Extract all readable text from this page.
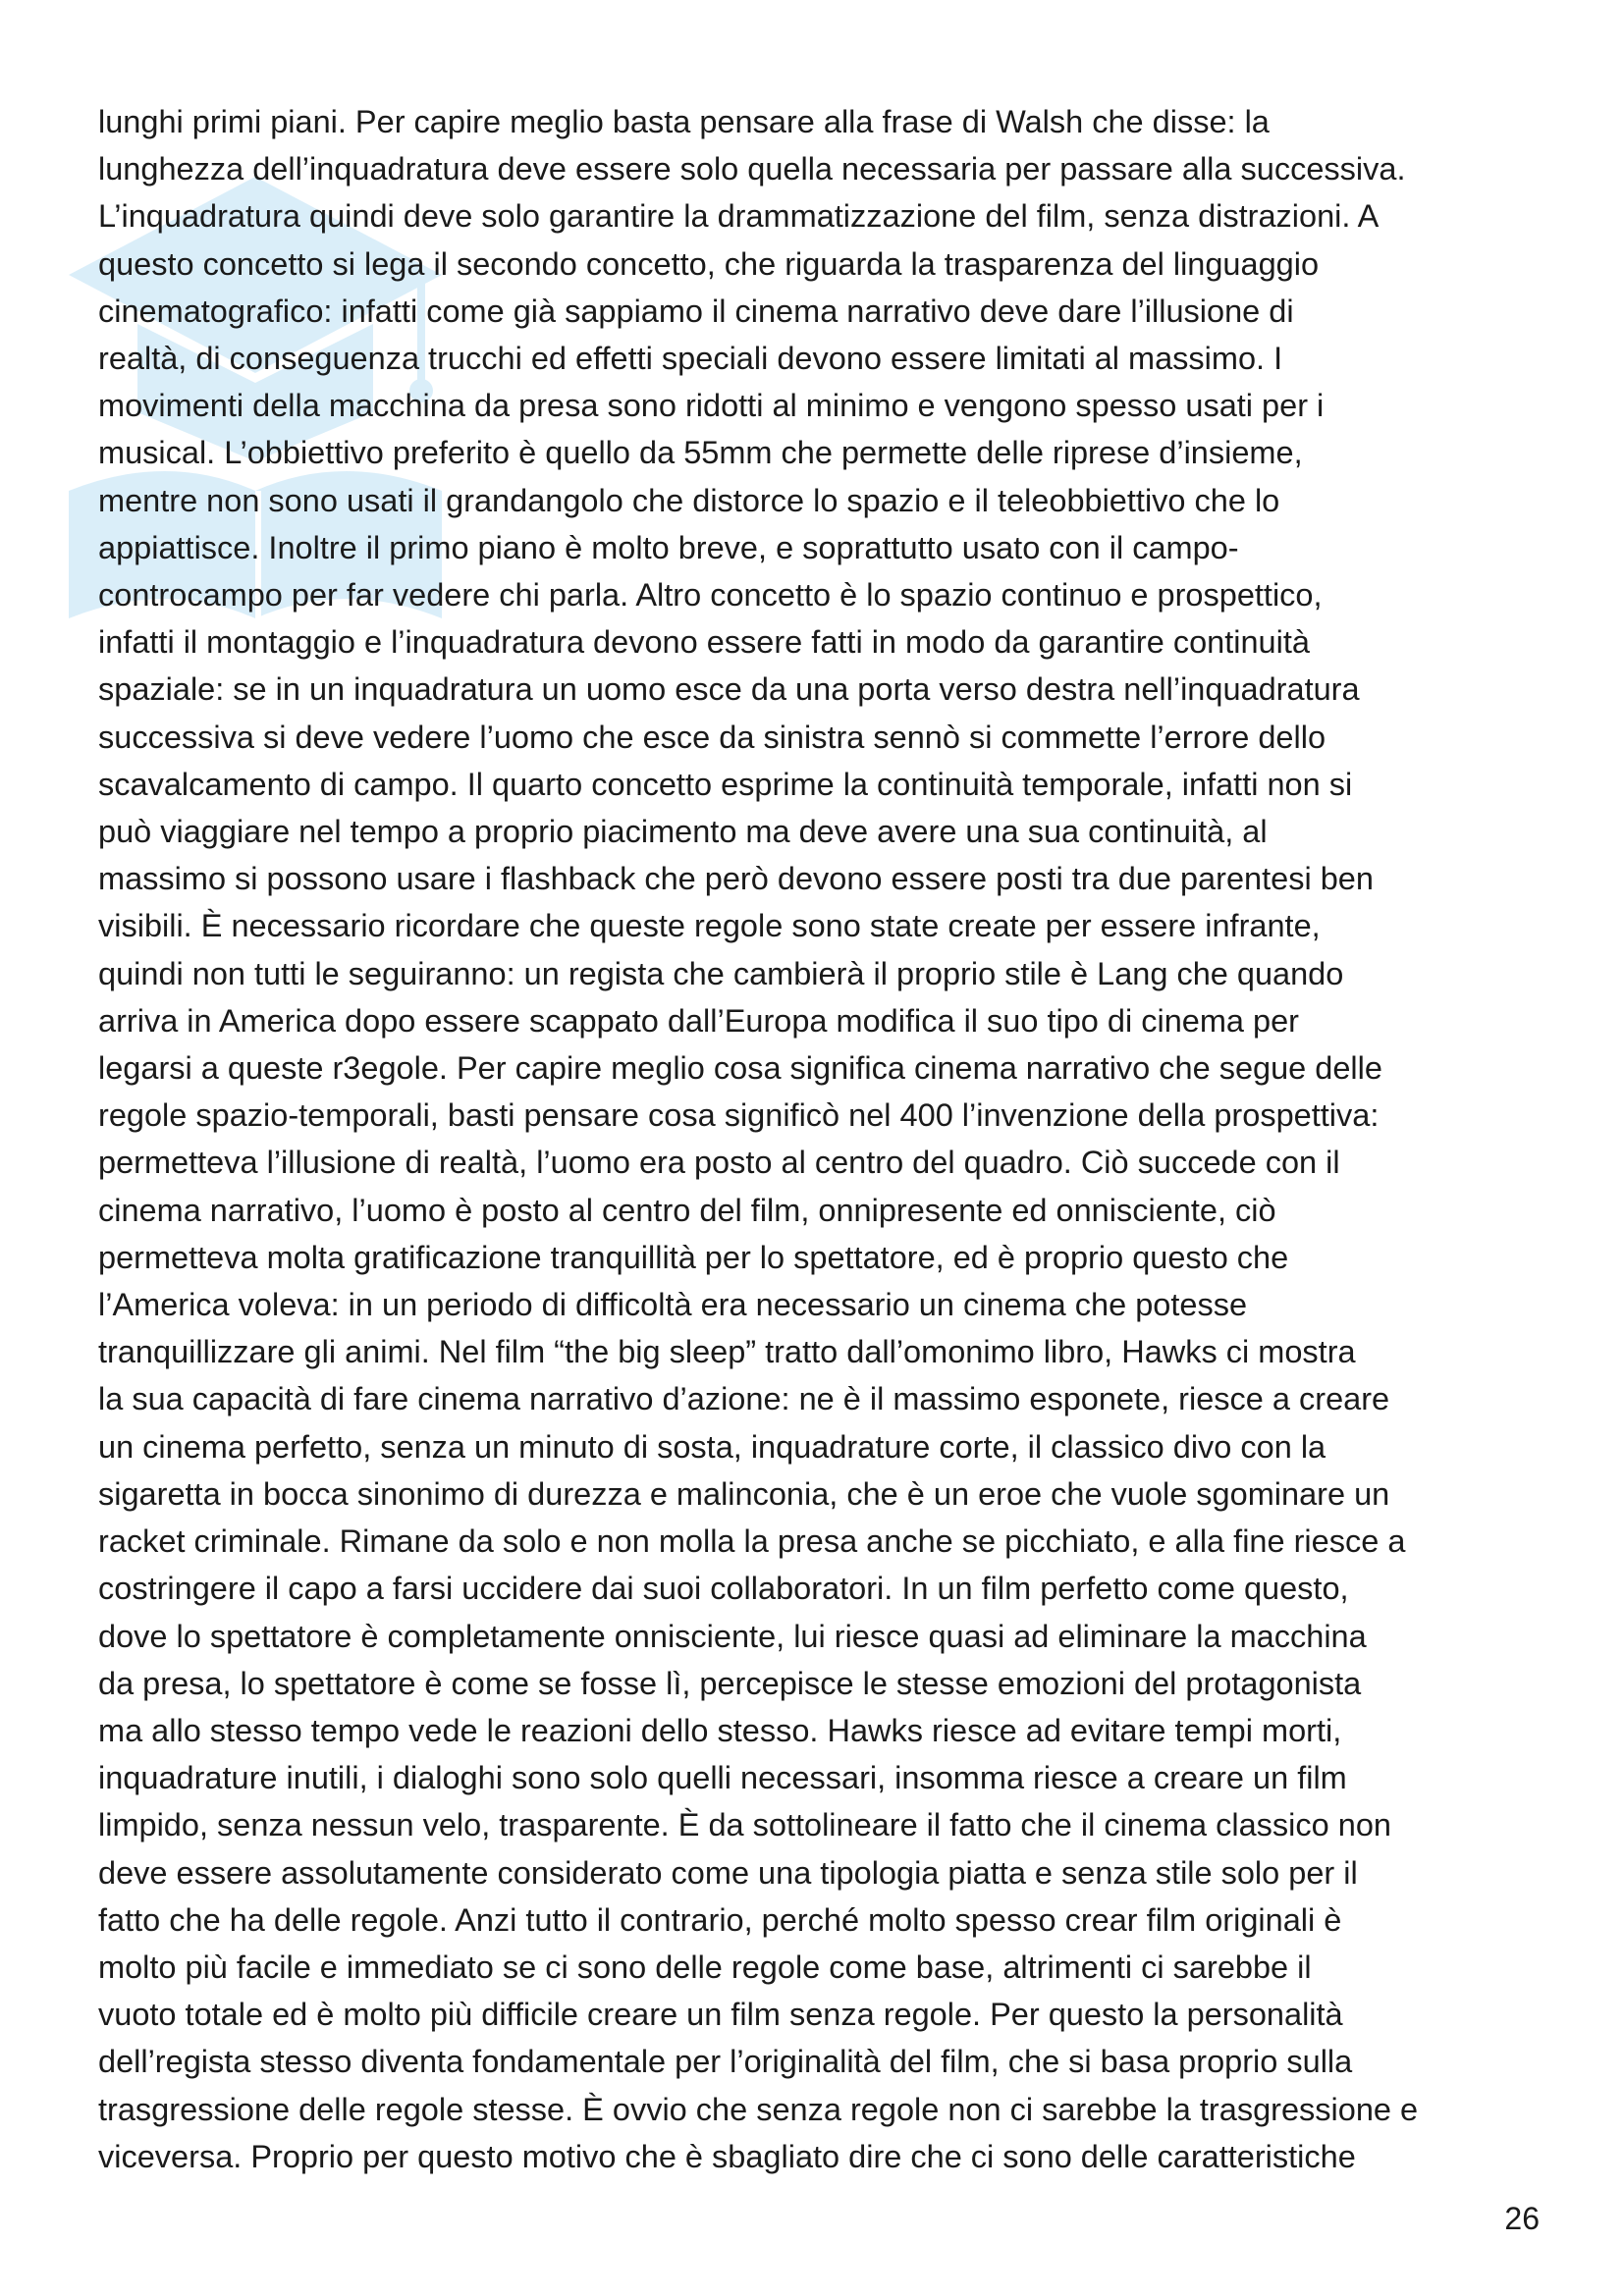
lunghi primi piani. Per capire meglio basta pensare alla frase di Walsh che disse: la
lunghezza dell’inquadratura deve essere solo quella necessaria per passare alla successiva.
L’inquadratura quindi deve solo garantire la drammatizzazione del film, senza distrazioni. A
questo concetto si lega il secondo concetto, che riguarda la trasparenza del linguaggio
cinematografico: infatti come già sappiamo il cinema narrativo deve dare l’illusione di
realtà, di conseguenza trucchi ed effetti speciali devono essere limitati al massimo. I
movimenti della macchina da presa sono ridotti al minimo e vengono spesso usati per i
musical. L’obbiettivo preferito è quello da 55mm che permette delle riprese d’insieme,
mentre non sono usati il grandangolo che distorce lo spazio e il teleobbiettivo che lo
appiattisce. Inoltre il primo piano è molto breve, e soprattutto usato con il campo-
controcampo per far vedere chi parla. Altro concetto è lo spazio continuo e prospettico,
infatti il montaggio e l’inquadratura devono essere fatti in modo da garantire continuità
spaziale: se in un inquadratura un uomo esce da una porta verso destra nell’inquadratura
successiva si deve vedere l’uomo che esce da sinistra sennò si commette l’errore dello
scavalcamento di campo. Il quarto concetto esprime la continuità temporale, infatti non si
può viaggiare nel tempo a proprio piacimento ma deve avere una sua continuità, al
massimo si possono usare i flashback che però devono essere posti tra due parentesi ben
visibili. È necessario ricordare che queste regole sono state create per essere infrante,
quindi non tutti le seguiranno: un regista che cambierà il proprio stile è Lang che quando
arriva in America dopo essere scappato dall’Europa modifica il suo tipo di cinema per
legarsi a queste r3egole. Per capire meglio cosa significa cinema narrativo che segue delle
regole spazio-temporali, basti pensare cosa significò nel 400 l’invenzione della prospettiva:
permetteva l’illusione di realtà, l’uomo era posto al centro del quadro. Ciò succede con il
cinema narrativo, l’uomo è posto al centro del film, onnipresente ed onnisciente, ciò
permetteva molta gratificazione tranquillità per lo spettatore, ed è proprio questo che
l’America voleva: in un periodo di difficoltà era necessario un cinema che potesse
tranquillizzare gli animi. Nel film “the big sleep” tratto dall’omonimo libro, Hawks ci mostra
la sua capacità di fare cinema narrativo d’azione: ne è il massimo esponete, riesce a creare
un cinema perfetto, senza un minuto di sosta, inquadrature corte, il classico divo con la
sigaretta in bocca sinonimo di durezza e malinconia, che è un eroe che vuole sgominare un
racket criminale. Rimane da solo e non molla la presa anche se picchiato, e alla fine riesce a
costringere il capo a farsi uccidere dai suoi collaboratori. In un film perfetto come questo,
dove lo spettatore è completamente onnisciente, lui riesce quasi ad eliminare la macchina
da presa, lo spettatore è come se fosse lì, percepisce le stesse emozioni del protagonista
ma allo stesso tempo vede le reazioni dello stesso. Hawks riesce ad evitare tempi morti,
inquadrature inutili, i dialoghi sono solo quelli necessari, insomma riesce a creare un film
limpido, senza nessun velo, trasparente. È da sottolineare il fatto che il cinema classico non
deve essere assolutamente considerato come una tipologia piatta e senza stile solo per il
fatto che ha delle regole. Anzi tutto il contrario, perché molto spesso crear film originali è
molto più facile e immediato se ci sono delle regole come base, altrimenti ci sarebbe il
vuoto totale ed è molto più difficile creare un film senza regole. Per questo la personalità
dell’regista stesso diventa fondamentale per l’originalità del film, che si basa proprio sulla
trasgressione delle regole stesse. È ovvio che senza regole non ci sarebbe la trasgressione e
viceversa. Proprio per questo motivo che è sbagliato dire che ci sono delle caratteristiche
26
